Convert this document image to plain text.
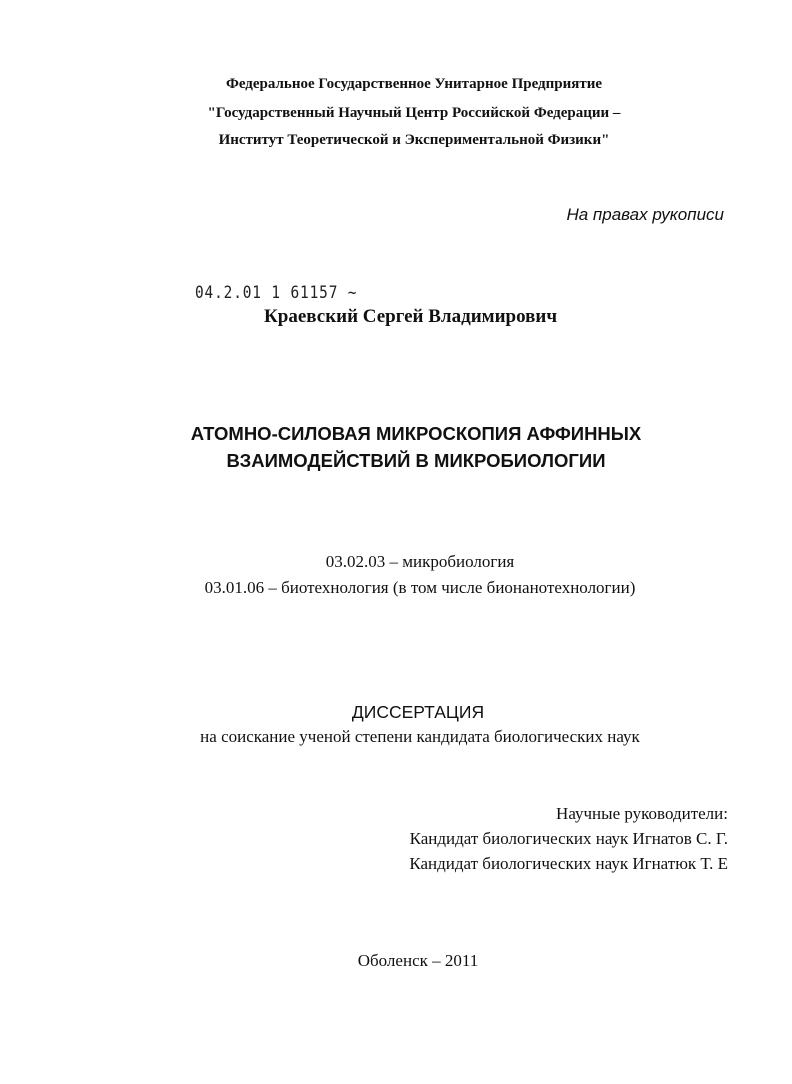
Федеральное Государственное Унитарное Предприятие
"Государственный Научный Центр Российской Федерации –
Институт Теоретической и Экспериментальной Физики"
На правах рукописи
04.2.01 1 61157 ~
Краевский Сергей Владимирович
АТОМНО-СИЛОВАЯ МИКРОСКОПИЯ АФФИННЫХ
ВЗАИМОДЕЙСТВИЙ В МИКРОБИОЛОГИИ
03.02.03 – микробиология
03.01.06 – биотехнология (в том числе бионанотехнологии)
ДИССЕРТАЦИЯ
на соискание ученой степени кандидата биологических наук
Научные руководители:
Кандидат биологических наук Игнатов С. Г.
Кандидат биологических наук Игнатюк Т. Е
Оболенск – 2011
